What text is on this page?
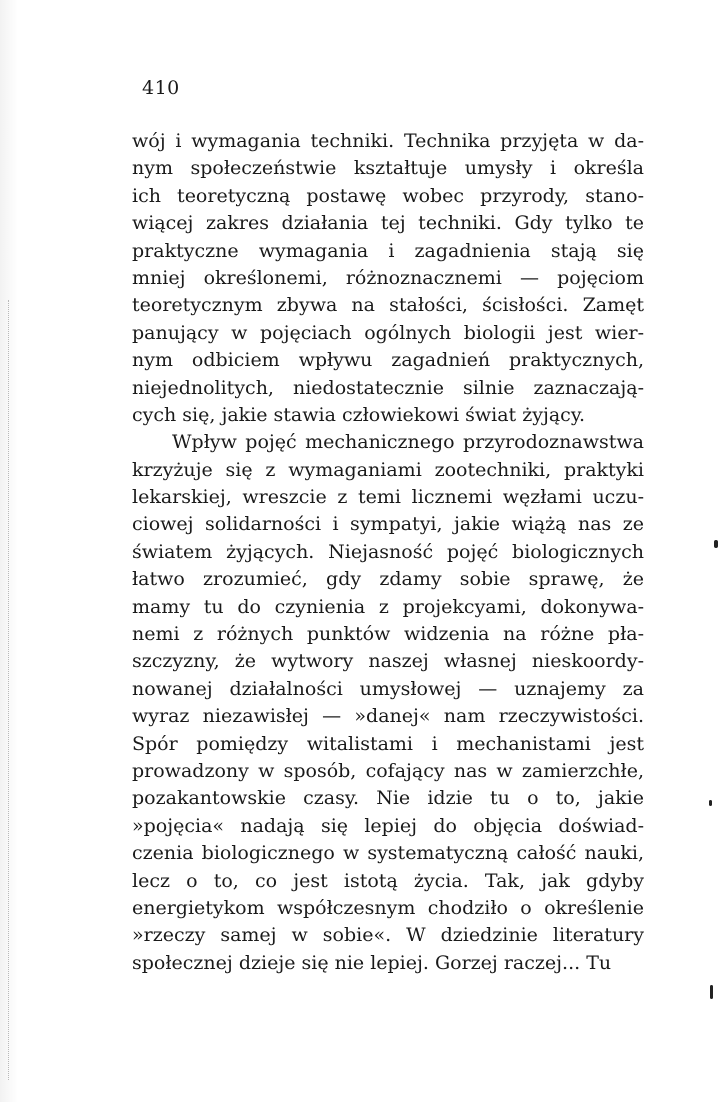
410
wój i wymagania techniki. Technika przyjęta w da-
nym społeczeństwie kształtuje umysły i określa
ich teoretyczną postawę wobec przyrody, stano-
wiącej zakres działania tej techniki. Gdy tylko te
praktyczne wymagania i zagadnienia stają się
mniej określonemi, różnoznacznemi — pojęciom
teoretycznym zbywa na stałości, ścisłości. Zamęt
panujący w pojęciach ogólnych biologii jest wier-
nym odbiciem wpływu zagadnień praktycznych,
niejednolitych, niedostatecznie silnie zaznaczają-
cych się, jakie stawia człowiekowi świat żyjący.
Wpływ pojęć mechanicznego przyrodoznawstwa
krzyżuje się z wymaganiami zootechniki, praktyki
lekarskiej, wreszcie z temi licznemi węzłami uczu-
ciowej solidarności i sympatyi, jakie wiążą nas ze
światem żyjących. Niejasność pojęć biologicznych
łatwo zrozumieć, gdy zdamy sobie sprawę, że
mamy tu do czynienia z projekcyami, dokonywa-
nemi z różnych punktów widzenia na różne pła-
szczyzny, że wytwory naszej własnej nieskoordy-
nowanej działalności umysłowej — uznajemy za
wyraz niezawisłej — »danej« nam rzeczywistości.
Spór pomiędzy witalistami i mechanistami jest
prowadzony w sposób, cofający nas w zamierzchłe,
pozakantowskie czasy. Nie idzie tu o to, jakie
»pojęcia« nadają się lepiej do objęcia doświad-
czenia biologicznego w systematyczną całość nauki,
lecz o to, co jest istotą życia. Tak, jak gdyby
energietykom współczesnym chodziło o określenie
»rzeczy samej w sobie«. W dziedzinie literatury
społecznej dzieje się nie lepiej. Gorzej raczej... Tu
